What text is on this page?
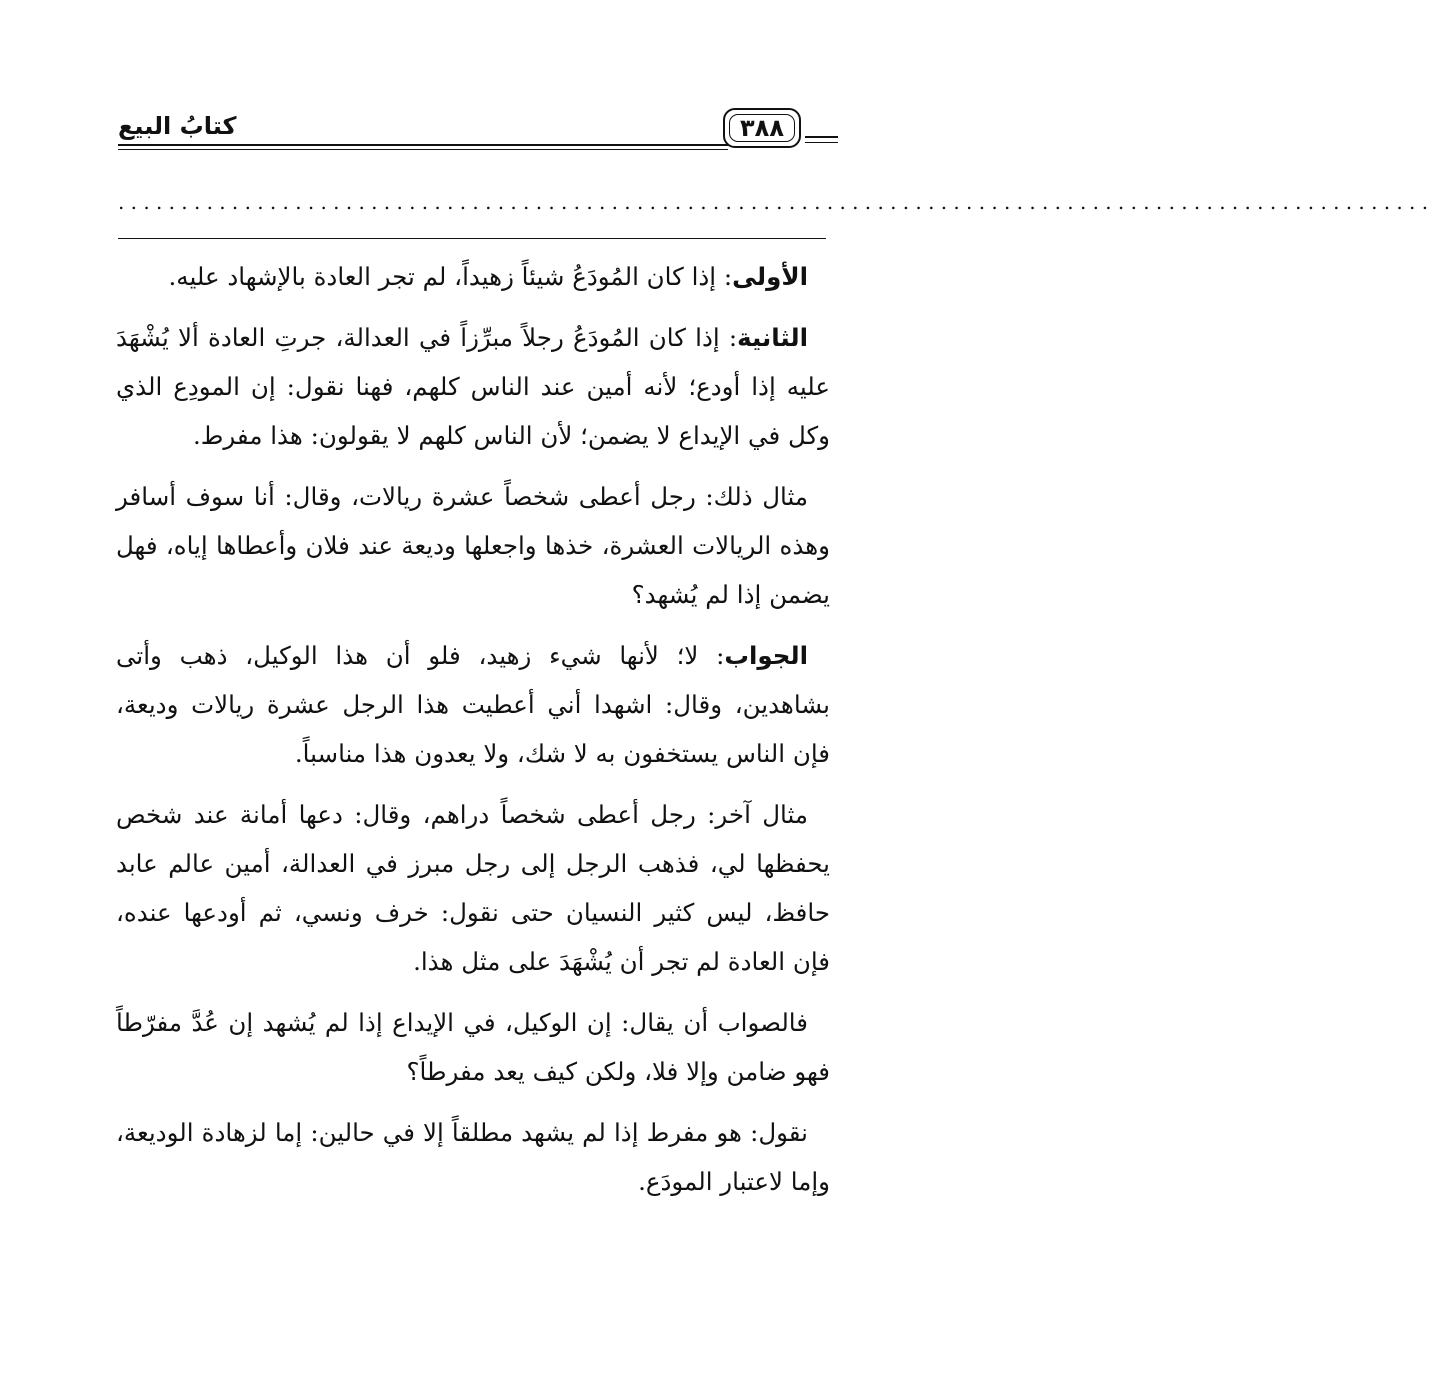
كتابُ البيع	٣٨٨
........................................................................................................

الأولى: إذا كان المُودَعُ شيئاً زهيداً، لم تجر العادة بالإشهاد عليه.

الثانية: إذا كان المُودَعُ رجلاً مبرِّزاً في العدالة، جرتِ العادة ألا يُشْهَدَ عليه إذا أودع؛ لأنه أمين عند الناس كلهم، فهنا نقول: إن المودِع الذي وكل في الإيداع لا يضمن؛ لأن الناس كلهم لا يقولون: هذا مفرط.

مثال ذلك: رجل أعطى شخصاً عشرة ريالات، وقال: أنا سوف أسافر وهذه الريالات العشرة، خذها واجعلها وديعة عند فلان وأعطاها إياه، فهل يضمن إذا لم يُشهد؟

الجواب: لا؛ لأنها شيء زهيد، فلو أن هذا الوكيل، ذهب وأتى بشاهدين، وقال: اشهدا أني أعطيت هذا الرجل عشرة ريالات وديعة، فإن الناس يستخفون به لا شك، ولا يعدون هذا مناسباً.

مثال آخر: رجل أعطى شخصاً دراهم، وقال: دعها أمانة عند شخص يحفظها لي، فذهب الرجل إلى رجل مبرز في العدالة، أمين عالم عابد حافظ، ليس كثير النسيان حتى نقول: خرف ونسي، ثم أودعها عنده، فإن العادة لم تجر أن يُشْهَدَ على مثل هذا.

فالصواب أن يقال: إن الوكيل، في الإيداع إذا لم يُشهد إن عُدَّ مفرّطاً فهو ضامن وإلا فلا، ولكن كيف يعد مفرطاً؟

نقول: هو مفرط إذا لم يشهد مطلقاً إلا في حالين: إما لزهادة الوديعة، وإما لاعتبار المودَع.
